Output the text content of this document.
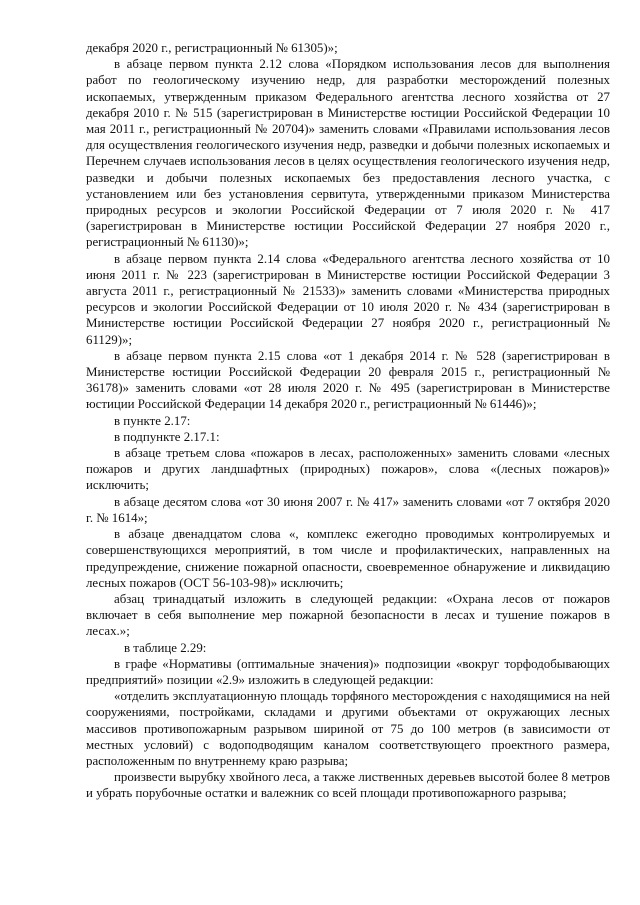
декабря 2020 г., регистрационный № 61305)»;

в абзаце первом пункта 2.12 слова «Порядком использования лесов для выполнения работ по геологическому изучению недр, для разработки месторождений полезных ископаемых, утвержденным приказом Федерального агентства лесного хозяйства от 27 декабря 2010 г. № 515 (зарегистрирован в Министерстве юстиции Российской Федерации 10 мая 2011 г., регистрационный № 20704)» заменить словами «Правилами использования лесов для осуществления геологического изучения недр, разведки и добычи полезных ископаемых и Перечнем случаев использования лесов в целях осуществления геологического изучения недр, разведки и добычи полезных ископаемых без предоставления лесного участка, с установлением или без установления сервитута, утвержденными приказом Министерства природных ресурсов и экологии Российской Федерации от 7 июля 2020 г. № 417 (зарегистрирован в Министерстве юстиции Российской Федерации 27 ноября 2020 г., регистрационный № 61130)»;

в абзаце первом пункта 2.14 слова «Федерального агентства лесного хозяйства от 10 июня 2011 г. № 223 (зарегистрирован в Министерстве юстиции Российской Федерации 3 августа 2011 г., регистрационный № 21533)» заменить словами «Министерства природных ресурсов и экологии Российской Федерации от 10 июля 2020 г. № 434 (зарегистрирован в Министерстве юстиции Российской Федерации 27 ноября 2020 г., регистрационный № 61129)»;

в абзаце первом пункта 2.15 слова «от 1 декабря 2014 г. № 528 (зарегистрирован в Министерстве юстиции Российской Федерации 20 февраля 2015 г., регистрационный № 36178)» заменить словами «от 28 июля 2020 г. № 495 (зарегистрирован в Министерстве юстиции Российской Федерации 14 декабря 2020 г., регистрационный № 61446)»;

в пункте 2.17:

в подпункте 2.17.1:

в абзаце третьем слова «пожаров в лесах, расположенных» заменить словами «лесных пожаров и других ландшафтных (природных) пожаров», слова «(лесных пожаров)» исключить;

в абзаце десятом слова «от 30 июня 2007 г. № 417» заменить словами «от 7 октября 2020 г. № 1614»;

в абзаце двенадцатом слова «, комплекс ежегодно проводимых контролируемых и совершенствующихся мероприятий, в том числе и профилактических, направленных на предупреждение, снижение пожарной опасности, своевременное обнаружение и ликвидацию лесных пожаров (ОСТ 56-103-98)» исключить;

абзац тринадцатый изложить в следующей редакции: «Охрана лесов от пожаров включает в себя выполнение мер пожарной безопасности в лесах и тушение пожаров в лесах.»;

в таблице 2.29:

в графе «Нормативы (оптимальные значения)» подпозиции «вокруг торфодобывающих предприятий» позиции «2.9» изложить в следующей редакции:

«отделить эксплуатационную площадь торфяного месторождения с находящимися на ней сооружениями, постройками, складами и другими объектами от окружающих лесных массивов противопожарным разрывом шириной от 75 до 100 метров (в зависимости от местных условий) с водоподводящим каналом соответствующего проектного размера, расположенным по внутреннему краю разрыва;

произвести вырубку хвойного леса, а также лиственных деревьев высотой более 8 метров и убрать порубочные остатки и валежник со всей площади противопожарного разрыва;
